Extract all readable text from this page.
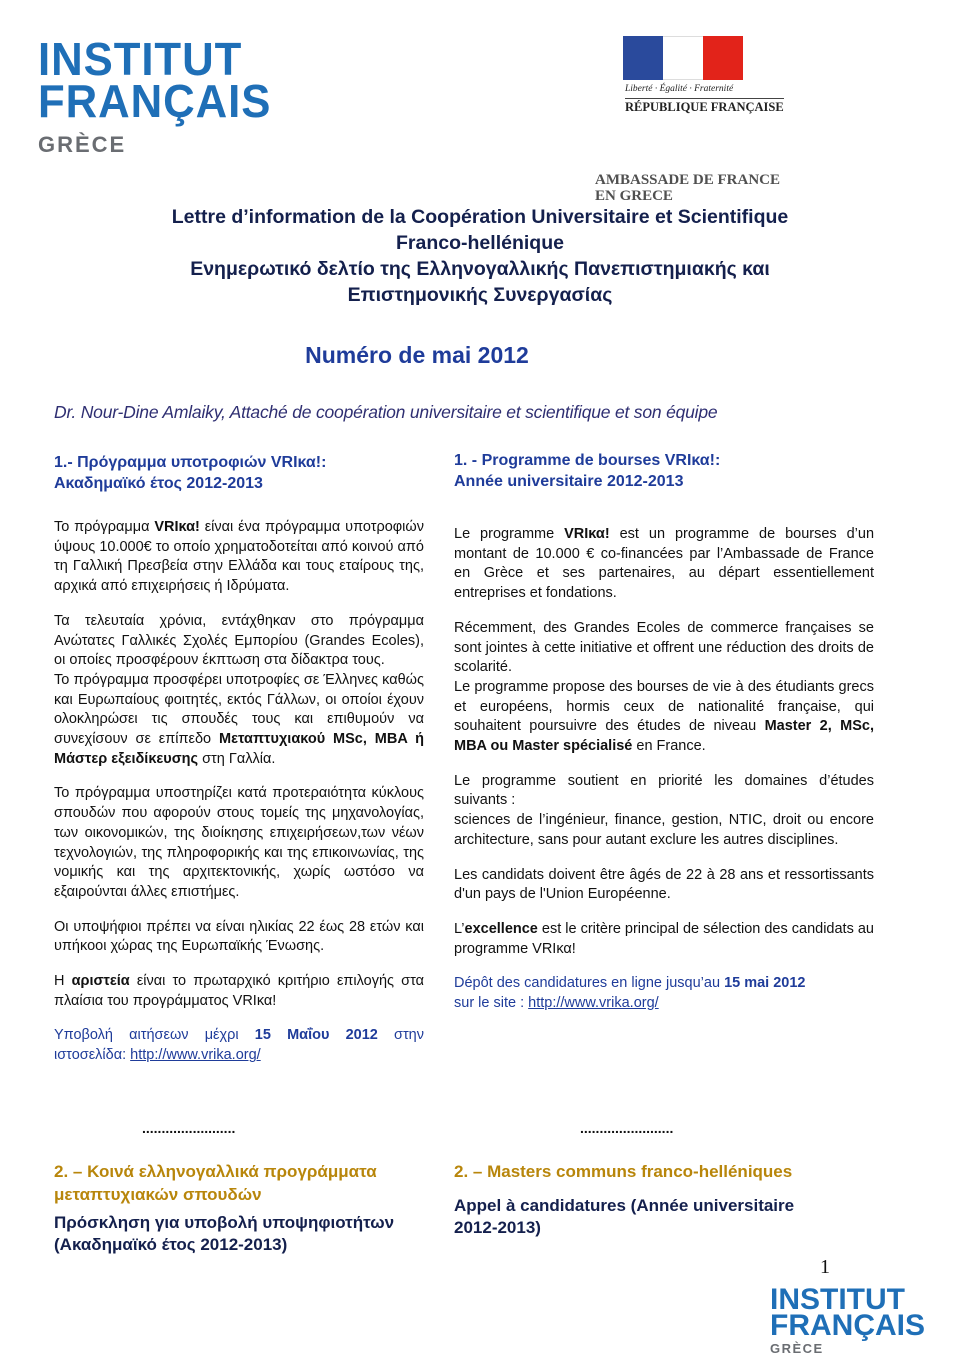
INSTITUT
FRANÇAIS
GRÈCE
Liberté · Égalité · Fraternité
RÉPUBLIQUE FRANÇAISE
AMBASSADE DE FRANCE
EN GRECE
Lettre d’information de la Coopération Universitaire et Scientifique
Franco-hellénique
Ενημερωτικό δελτίο της Ελληνογαλλικής Πανεπιστημιακής και
Επιστημονικής Συνεργασίας
Numéro de mai 2012
Dr. Nour-Dine Amlaiky, Attaché de coopération universitaire et scientifique et son équipe
1.- Πρόγραμμα υποτροφιών VRIκα!:
Ακαδημαϊκό έτος 2012-2013

Το πρόγραμμα VRIκα! είναι ένα πρόγραμμα υποτροφιών ύψους 10.000€ το οποίο χρηματοδοτείται από κοινού από τη Γαλλική Πρεσβεία στην Ελλάδα και τους εταίρους της, αρχικά από επιχειρήσεις ή Ιδρύματα.

Τα τελευταία χρόνια, εντάχθηκαν στο πρόγραμμα Ανώτατες Γαλλικές Σχολές Εμπορίου (Grandes Ecoles), οι οποίες προσφέρουν έκπτωση στα δίδακτρα τους.

Το πρόγραμμα προσφέρει υποτροφίες σε Έλληνες καθώς και Ευρωπαίους φοιτητές, εκτός Γάλλων, οι οποίοι έχουν ολοκληρώσει τις σπουδές τους και επιθυμούν να συνεχίσουν σε επίπεδο Μεταπτυχιακού MSc, MBA ή Μάστερ εξειδίκευσης στη Γαλλία.

Το πρόγραμμα υποστηρίζει κατά προτεραιότητα κύκλους σπουδών που αφορούν στους τομείς της μηχανολογίας, των οικονομικών, της διοίκησης επιχειρήσεων,των νέων τεχνολογιών, της πληροφορικής και της επικοινωνίας, της νομικής και της αρχιτεκτονικής, χωρίς ωστόσο να εξαιρούνται άλλες επιστήμες.

Οι υποψήφιοι πρέπει να είναι ηλικίας 22 έως 28 ετών και υπήκοοι χώρας της Ευρωπαϊκής Ένωσης.

Η αριστεία είναι το πρωταρχικό κριτήριο επιλογής στα πλαίσια του προγράμματος VRIκα!

Υποβολή αιτήσεων μέχρι 15 Μαΐου 2012 στην ιστοσελίδα: http://www.vrika.org/

........................
2. – Κοινά ελληνογαλλικά προγράμματα
μεταπτυχιακών σπουδών
Πρόσκληση για υποβολή υποψηφιοτήτων
(Ακαδημαϊκό έτος 2012-2013)
1. - Programme de bourses VRIκα!:
Année universitaire 2012-2013

Le programme VRIκα! est un programme de bourses d’un montant de 10.000 € co-financées par l’Ambassade de France en Grèce et ses partenaires, au départ essentiellement entreprises et fondations.

Récemment, des Grandes Ecoles de commerce françaises se sont jointes à cette initiative et offrent une réduction des droits de scolarité.

Le programme propose des bourses de vie à des étudiants grecs et européens, hormis ceux de nationalité française, qui souhaitent poursuivre des études de niveau Master 2, MSc, MBA ou Master spécialisé en France.

Le programme soutient en priorité les domaines d’études suivants :

sciences de l’ingénieur, finance, gestion, NTIC, droit ou encore architecture, sans pour autant exclure les autres disciplines.

Les candidats doivent être âgés de 22 à 28 ans et ressortissants d'un pays de l'Union Européenne.

L’excellence est le critère principal de sélection des candidats au programme VRIκα!

Dépôt des candidatures en ligne jusqu’au 15 mai 2012
sur le site : http://www.vrika.org/

........................
2. – Masters communs franco-helléniques
Appel à candidatures (Année universitaire
2012-2013)
1
INSTITUT
FRANÇAIS
GRÈCE
